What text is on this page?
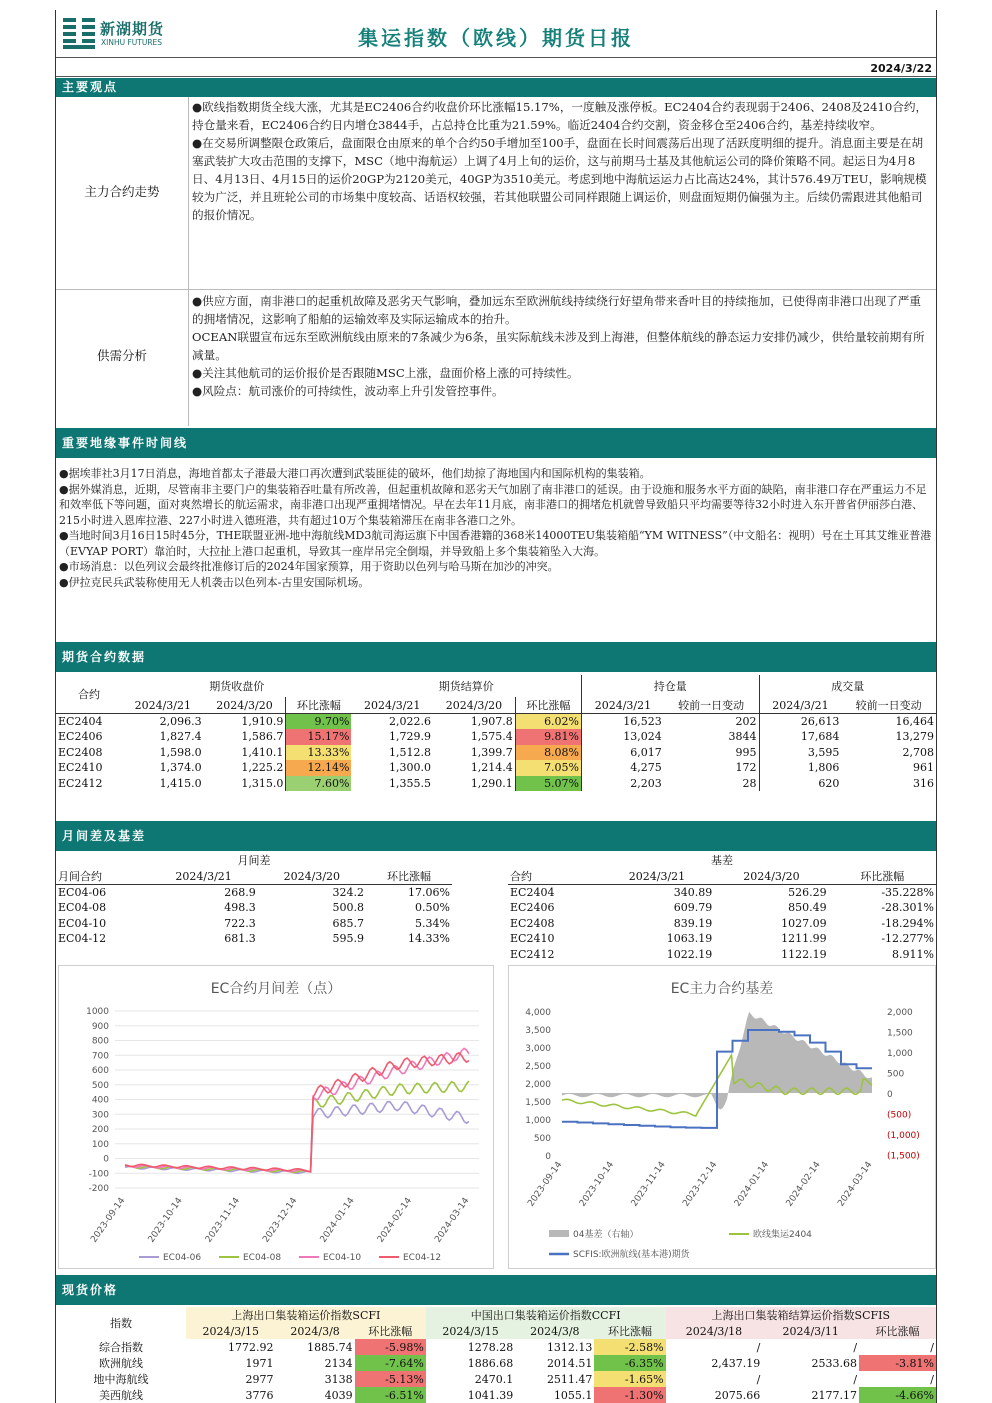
新湖期货
XINHU FUTURES	集运指数（欧线）期货日报
2024/3/22
主要观点
主力合约走势

●欧线指数期货全线大涨，尤其是EC2406合约收盘价环比涨幅15.17%，一度触及涨停板。EC2404合约表现弱于2406、2408及2410合约，持仓量来看，EC2406合约日内增仓3844手，占总持仓比重为21.59%。临近2404合约交割，资金移仓至2406合约，基差持续收窄。

●在交易所调整限仓政策后，盘面限仓由原来的单个合约50手增加至100手，盘面在长时间震荡后出现了活跃度明细的提升。消息面主要是在胡塞武装扩大攻击范围的支撑下，MSC（地中海航运）上调了4月上旬的运价，这与前期马士基及其他航运公司的降价策略不同。起运日为4月8日、4月13日、4月15日的运价20GP为2120美元，40GP为3510美元。考虑到地中海航运运力占比高达24%，其计576.49万TEU，影响规模较为广泛，并且班轮公司的市场集中度较高、话语权较强，若其他联盟公司同样跟随上调运价，则盘面短期仍偏强为主。后续仍需跟进其他船司的报价情况。

供需分析

●供应方面，南非港口的起重机故障及恶劣天气影响，叠加远东至欧洲航线持续绕行好望角带来香叶目的持续拖加，已使得南非港口出现了严重的拥堵情况，这影响了船舶的运输效率及实际运输成本的抬升。

OCEAN联盟宣布远东至欧洲航线由原来的7条减少为6条，虽实际航线未涉及到上海港，但整体航线的静态运力安排仍减少，供给量较前期有所减量。

●关注其他航司的运价报价是否跟随MSC上涨，盘面价格上涨的可持续性。

●风险点：航司涨价的可持续性，波动率上升引发管控事件。

重要地缘事件时间线

●据埃菲社3月17日消息，海地首都太子港最大港口再次遭到武装匪徒的破坏，他们劫掠了海地国内和国际机构的集装箱。

●据外媒消息，近期，尽管南非主要门户的集装箱吞吐量有所改善，但起重机故障和恶劣天气加剧了南非港口的延误。由于设施和服务水平方面的缺陷，南非港口存在严重运力不足和效率低下等问题，面对爽然增长的航运需求，南非港口出现严重拥堵情况。早在去年11月底，南非港口的拥堵危机就曾导致船只平均需要等待32小时进入东开普省伊丽莎白港、215小时进入恩库拉港、227小时进入德班港，共有超过10万个集装箱滞压在南非各港口之外。

●当地时间3月16日15时45分，THE联盟亚洲-地中海航线MD3航司海运旗下中国香港籍的368米14000TEU集装箱船“YM WITNESS”（中文船名：视明）号在土耳其艾维亚普港（EVYAP PORT）靠泊时，大拉扯上港口起重机，导致其一座岸吊完全倒塌，并导致船上多个集装箱坠入大海。

●市场消息：以色列议会最终批准修订后的2024年国家预算，用于资助以色列与哈马斯在加沙的冲突。

●伊拉克民兵武装称使用无人机袭击以色列本-古里安国际机场。

期货合约数据
合约	期货收盘价			期货结算价			持仓量		成交量	
	2024/3/21	2024/3/20	环比涨幅	2024/3/21	2024/3/20	环比涨幅	2024/3/21	较前一日变动	2024/3/21	较前一日变动
EC2404	2,096.3	1,910.9	9.70%	2,022.6	1,907.8	6.02%	16,523	202	26,613	16,464
EC2406	1,827.4	1,586.7	15.17%	1,729.9	1,575.4	9.81%	13,024	3844	17,684	13,279
EC2408	1,598.0	1,410.1	13.33%	1,512.8	1,399.7	8.08%	6,017	995	3,595	2,708
EC2410	1,374.0	1,225.2	12.14%	1,300.0	1,214.4	7.05%	4,275	172	1,806	961
EC2412	1,415.0	1,315.0	7.60%	1,355.5	1,290.1	5.07%	2,203	28	620	316
月间差及基差
月间差			
月间合约	2024/3/21	2024/3/20	环比涨幅
EC04-06	268.9	324.2	17.06%
EC04-08	498.3	500.8	0.50%
EC04-10	722.3	685.7	5.34%
EC04-12	681.3	595.9	14.33%
基差			
合约	2024/3/21	2024/3/20	环比涨幅
EC2404	340.89	526.29	-35.228%
EC2406	609.79	850.49	-28.301%
EC2408	839.19	1027.09	-18.294%
EC2410	1063.19	1211.99	-12.277%
EC2412	1022.19	1122.19	8.911%
EC合约月间差（点）
-200
-100
0
100
200
300
400
500
600
700
800
900
1000
2023-09-14 2023-10-14 2023-11-14 2023-12-14 2024-01-14 2024-02-14 2024-03-14
EC04-06	EC04-08	EC04-10	EC04-12
EC主力合约基差
0
500
1,000
1,500
2,000
2,500
3,000
3,500
4,000	2,000
1,500
1,000
500
0
(500)
(1,000)
(1,500)
2023-09-14 2023-10-14 2023-11-14 2023-12-14 2024-01-14 2024-02-14 2024-03-14
04基差（右轴）	欧线集运2404
SCFIS:欧洲航线(基本港)期货
现货价格
指数	上海出口集装箱运价指数SCFI			中国出口集装箱运价指数CCFI			上海出口集装箱结算运价指数SCFIS		
	2024/3/15	2024/3/8	环比涨幅	2024/3/15	2024/3/8	环比涨幅	2024/3/18	2024/3/11	环比涨幅
综合指数	1772.92	1885.74	-5.98%	1278.28	1312.13	-2.58%	/	/	/
欧洲航线	1971	2134	-7.64%	1886.68	2014.51	-6.35%	2,437.19	2533.68	-3.81%
地中海航线	2977	3138	-5.13%	2470.1	2511.47	-1.65%	/	/	/
美西航线	3776	4039	-6.51%	1041.39	1055.1	-1.30%	2075.66	2177.17	-4.66%
